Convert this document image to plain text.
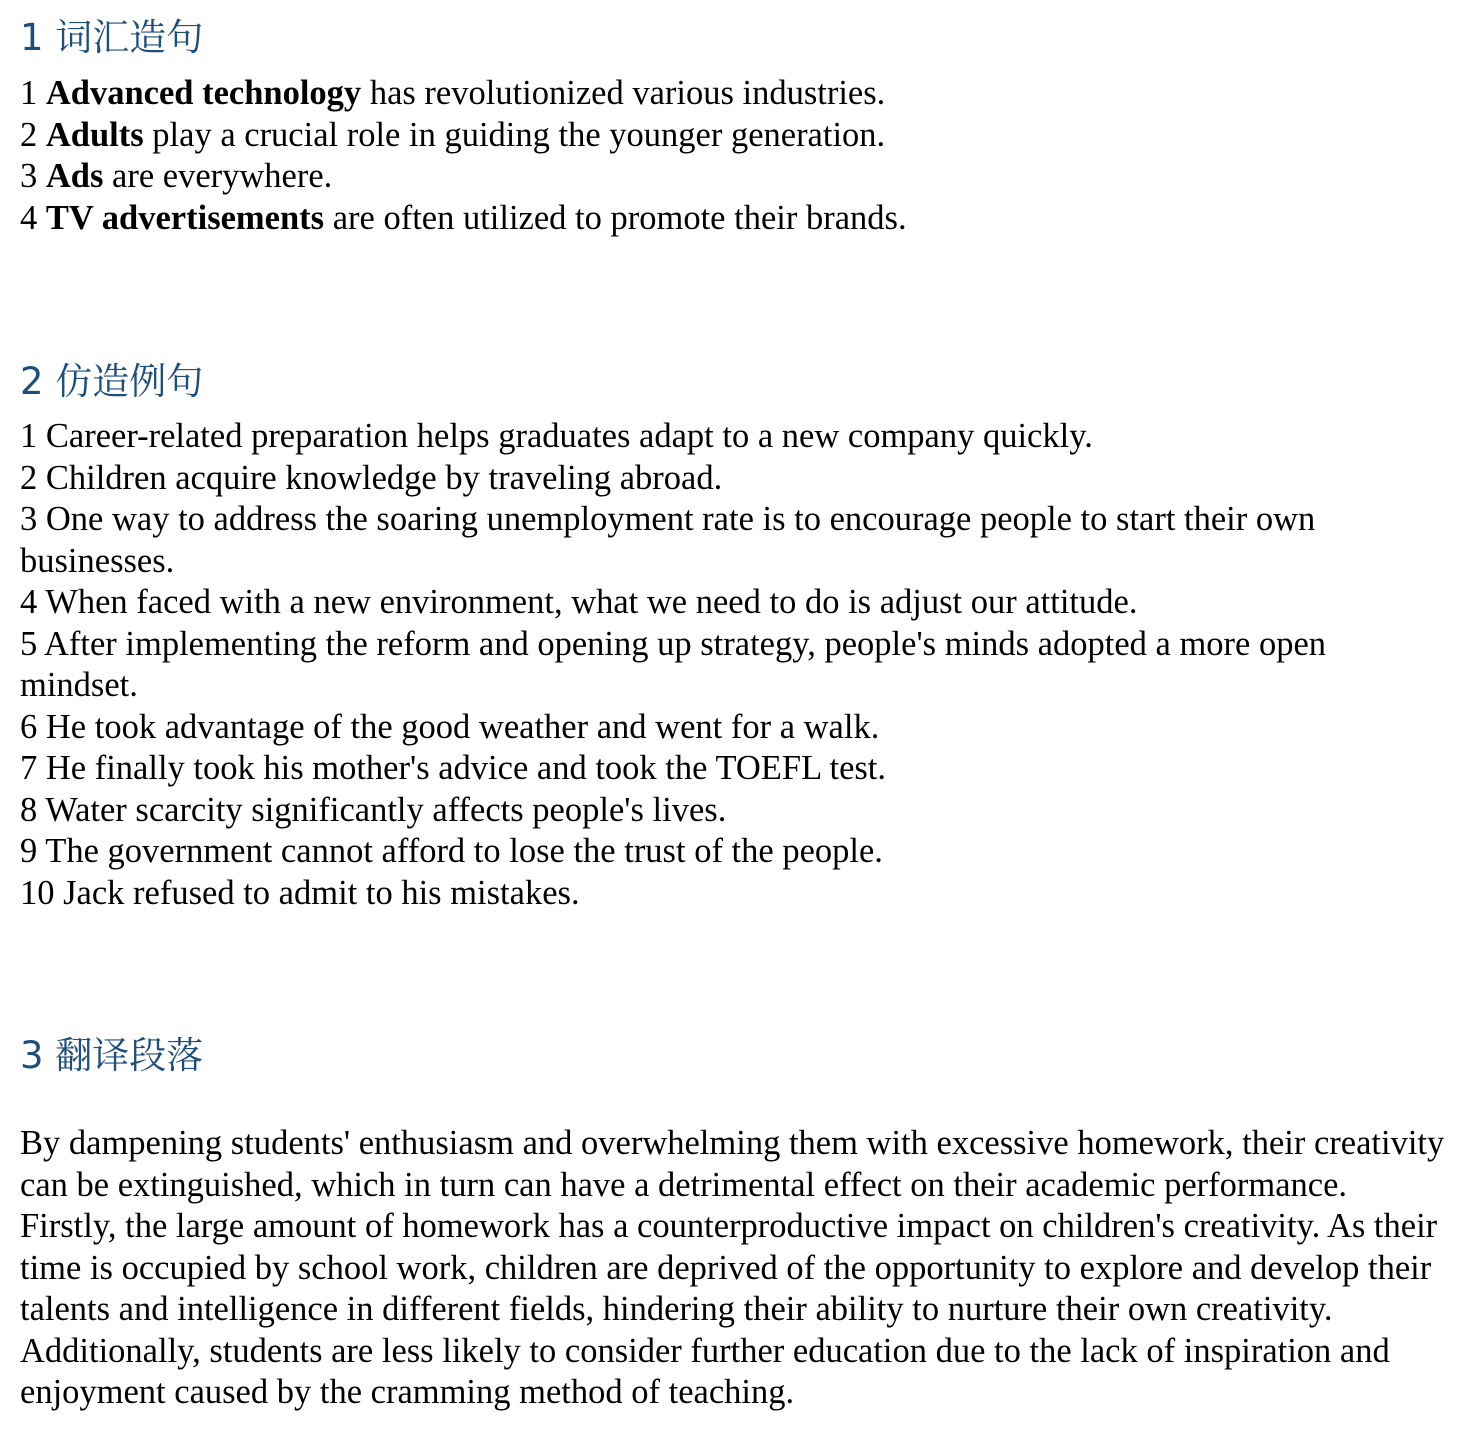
1 词汇造句
1 Advanced technology has revolutionized various industries.
2 Adults play a crucial role in guiding the younger generation.
3 Ads are everywhere.
4 TV advertisements are often utilized to promote their brands.
2 仿造例句
1 Career-related preparation helps graduates adapt to a new company quickly.
2 Children acquire knowledge by traveling abroad.
3 One way to address the soaring unemployment rate is to encourage people to start their own businesses.
4 When faced with a new environment, what we need to do is adjust our attitude.
5 After implementing the reform and opening up strategy, people's minds adopted a more open mindset.
6 He took advantage of the good weather and went for a walk.
7 He finally took his mother's advice and took the TOEFL test.
8 Water scarcity significantly affects people's lives.
9 The government cannot afford to lose the trust of the people.
10 Jack refused to admit to his mistakes.
3 翻译段落

By dampening students' enthusiasm and overwhelming them with excessive homework, their creativity can be extinguished, which in turn can have a detrimental effect on their academic performance. Firstly, the large amount of homework has a counterproductive impact on children's creativity. As their time is occupied by school work, children are deprived of the opportunity to explore and develop their talents and intelligence in different fields, hindering their ability to nurture their own creativity. Additionally, students are less likely to consider further education due to the lack of inspiration and enjoyment caused by the cramming method of teaching.
